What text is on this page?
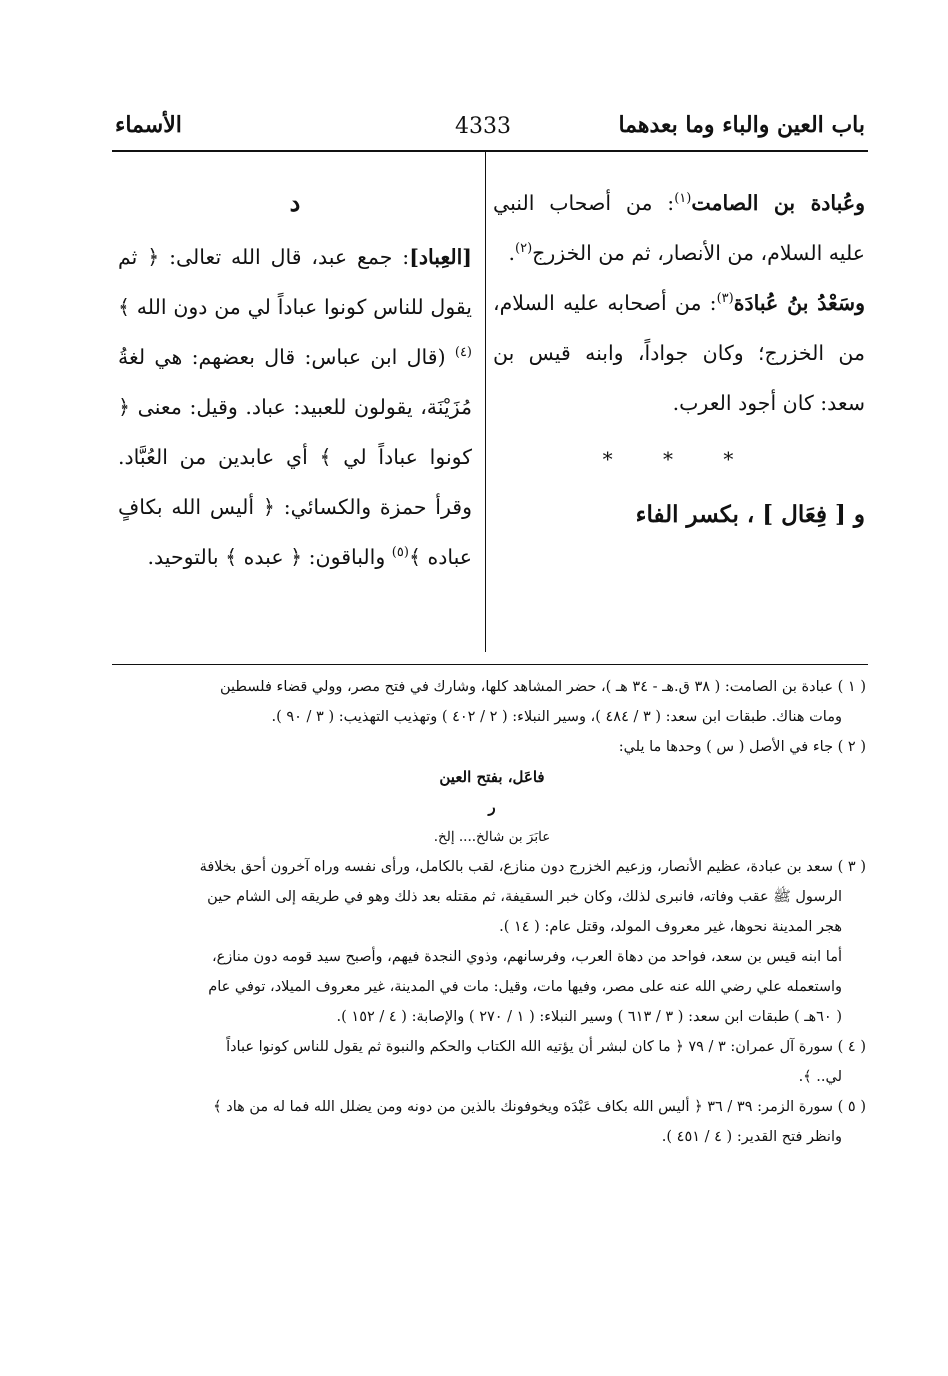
باب العين والباء وما بعدهما
4333
الأسماء

وعُبادة بن الصامت$^{(١)}$: من أصحاب النبي عليه السلام، من الأنصار، ثم من الخزرج$^{(٢)}$.

وسَعْدُ بنُ عُبادَة$^{(٣)}$: من أصحابه عليه السلام، من الخزرج؛ وكان جواداً، وابنه قيس بن سعد: كان أجود العرب.

* * *

و [ فِعَال ] ، بكسر الفاء

د

[العِباد]: جمع عبد، قال الله تعالى: ﴿ ثم يقول للناس كونوا عباداً لي من دون الله ﴾$^{(٤)}$ (قال ابن عباس: قال بعضهم: هي لغةُ مُزَيْنَة، يقولون للعبيد: عباد. وقيل: معنى ﴿ كونوا عباداً لي ﴾ أي عابدين من العُبَّاد. وقرأ حمزة والكسائي: ﴿ أليس الله بكافٍ عباده ﴾$^{(٥)}$ والباقون: ﴿ عبده ﴾ بالتوحيد.

( ١ ) عبادة بن الصامت: ( ٣٨ ق.هـ - ٣٤ هـ )، حضر المشاهد كلها، وشارك في فتح مصر، وولي قضاء فلسطين

ومات هناك. طبقات ابن سعد: ( ٣ / ٤٨٤ )، وسير النبلاء: ( ٢ / ٤٠٢ ) وتهذيب التهذيب: ( ٣ / ٩٠ ).

( ٢ ) جاء في الأصل ( س ) وحدها ما يلي:

فاعَل، بفتح العين

ر

عابَرَ بن شالخ.... إلخ.

( ٣ ) سعد بن عبادة، عظيم الأنصار، وزعيم الخزرج دون منازع، لقب بالكامل، ورأى نفسه وراه آخرون أحق بخلافة

الرسول ﷺ عقب وفاته، فانبرى لذلك، وكان خبر السقيفة، ثم مقتله بعد ذلك وهو في طريقه إلى الشام حين

هجر المدينة نحوها، غير معروف المولد، وقتل عام: ( ١٤ ).

أما ابنه قيس بن سعد، فواحد من دهاة العرب، وفرسانهم، وذوي النجدة فيهم، وأصبح سيد قومه دون منازع،

واستعمله علي رضي الله عنه على مصر، وفيها مات، وقيل: مات في المدينة، غير معروف الميلاد، توفي عام

( ٦٠هـ ) طبقات ابن سعد: ( ٣ / ٦١٣ ) وسير النبلاء: ( ١ / ٢٧٠ ) والإصابة: ( ٤ / ١٥٢ ).

( ٤ ) سورة آل عمران: ٣ / ٧٩ ﴿ ما كان لبشر أن يؤتيه الله الكتاب والحكم والنبوة ثم يقول للناس كونوا عباداً

لي.. ﴾.

( ٥ ) سورة الزمر: ٣٩ / ٣٦ ﴿ أليس الله بكاف عَبْدَه ويخوفونك بالذين من دونه ومن يضلل الله فما له من هاد ﴾

وانظر فتح القدير: ( ٤ / ٤٥١ ).
